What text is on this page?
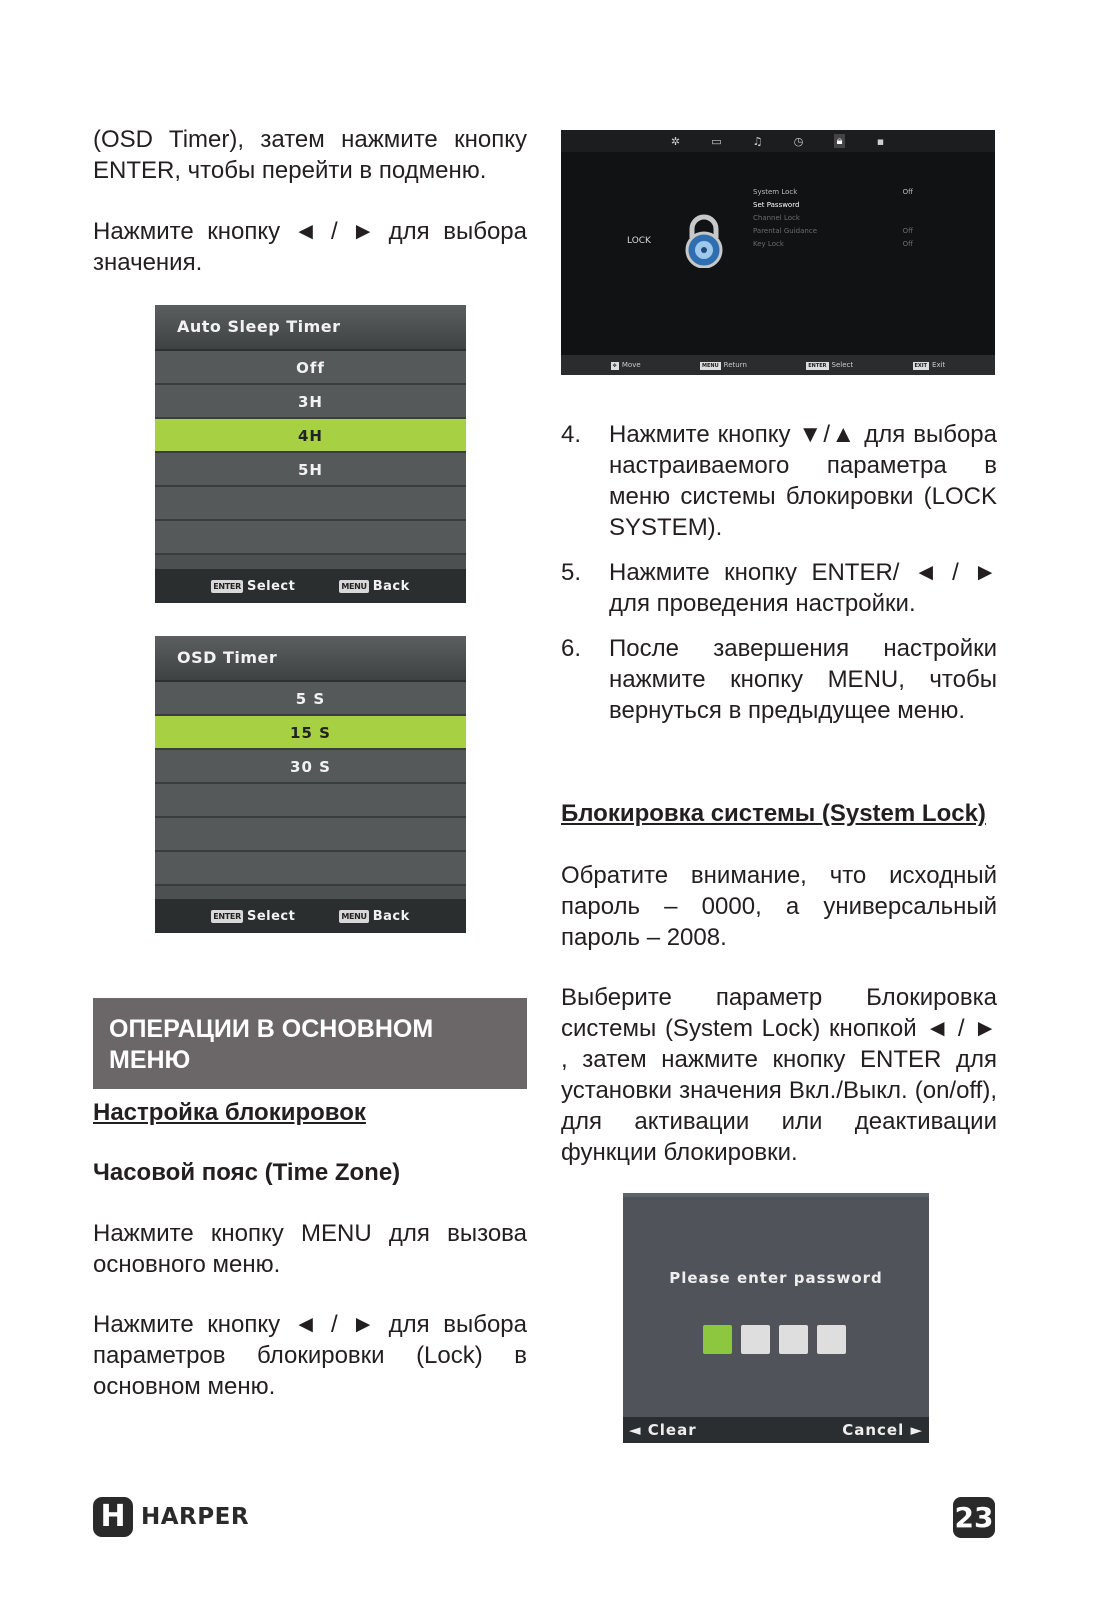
(OSD Timer), затем нажмите кнопку ENTER, чтобы перейти в подменю.
Нажмите кнопку ◄ / ► для выбора значения.
Auto Sleep Timer
Off
3H
4H
5H
ENTER Select	MENU Back
OSD Timer
5 S
15 S
30 S
ENTER Select	MENU Back
ОПЕРАЦИИ В ОСНОВНОМ МЕНЮ
Настройка блокировок
Часовой пояс (Time Zone)
Нажмите кнопку MENU для вызова основного меню.
Нажмите кнопку ◄ / ► для выбора параметров блокировки (Lock) в основном меню.
✲	▭	♫	◷	🔒︎	▪
LOCK
System Lock	Off
Set Password
Channel Lock
Parental Guidance	Off
Key Lock	Off
✥ Move	MENU Return	ENTER Select	EXIT Exit
4.	Нажмите кнопку ▼/▲ для выбора настраиваемого параметра в меню системы блокировки (LOCK SYSTEM).
5.	Нажмите кнопку ENTER/ ◄ / ► для проведения настройки.
6.	После завершения настройки нажмите кнопку MENU, чтобы вернуться в предыдущее меню.
Блокировка системы (System Lock)
Обратите внимание, что исходный пароль – 0000, а универсальный пароль – 2008.
Выберите параметр Блокировка системы (System Lock) кнопкой ◄ / ► , затем нажмите кнопку ENTER для установки значения Вкл./Выкл. (on/off), для активации или деактивации функции блокировки.
Please enter password
◄ Clear	Cancel ►
H HARPER	23
